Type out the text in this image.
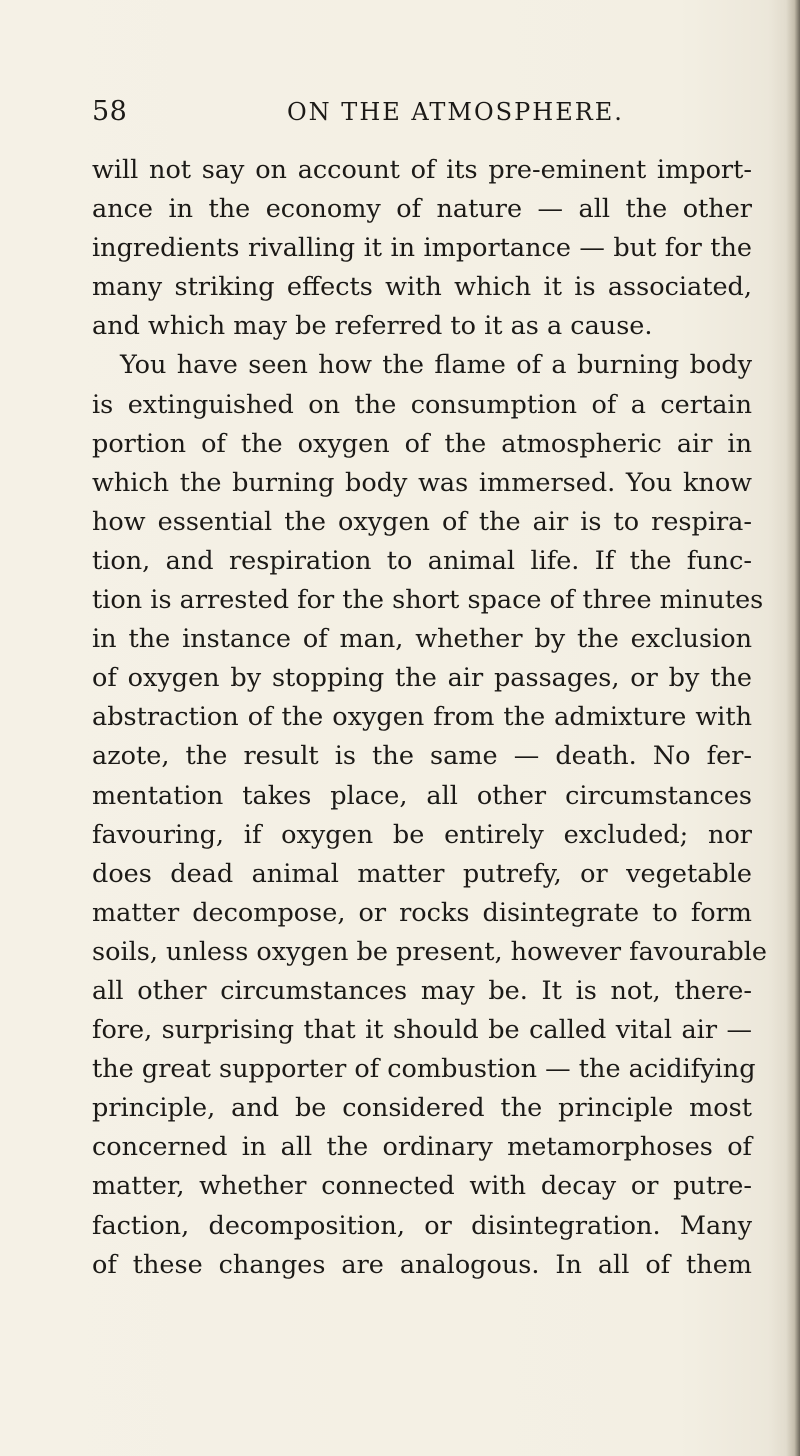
58	ON THE ATMOSPHERE.
will not say on account of its pre-eminent import-
ance in the economy of nature — all the other
ingredients rivalling it in importance — but for the
many striking effects with which it is associated,
and which may be referred to it as a cause.
You have seen how the flame of a burning body
is extinguished on the consumption of a certain
portion of the oxygen of the atmospheric air in
which the burning body was immersed. You know
how essential the oxygen of the air is to respira-
tion, and respiration to animal life. If the func-
tion is arrested for the short space of three minutes
in the instance of man, whether by the exclusion
of oxygen by stopping the air passages, or by the
abstraction of the oxygen from the admixture with
azote, the result is the same — death. No fer-
mentation takes place, all other circumstances
favouring, if oxygen be entirely excluded; nor
does dead animal matter putrefy, or vegetable
matter decompose, or rocks disintegrate to form
soils, unless oxygen be present, however favourable
all other circumstances may be. It is not, there-
fore, surprising that it should be called vital air —
the great supporter of combustion — the acidifying
principle, and be considered the principle most
concerned in all the ordinary metamorphoses of
matter, whether connected with decay or putre-
faction, decomposition, or disintegration. Many
of these changes are analogous. In all of them
